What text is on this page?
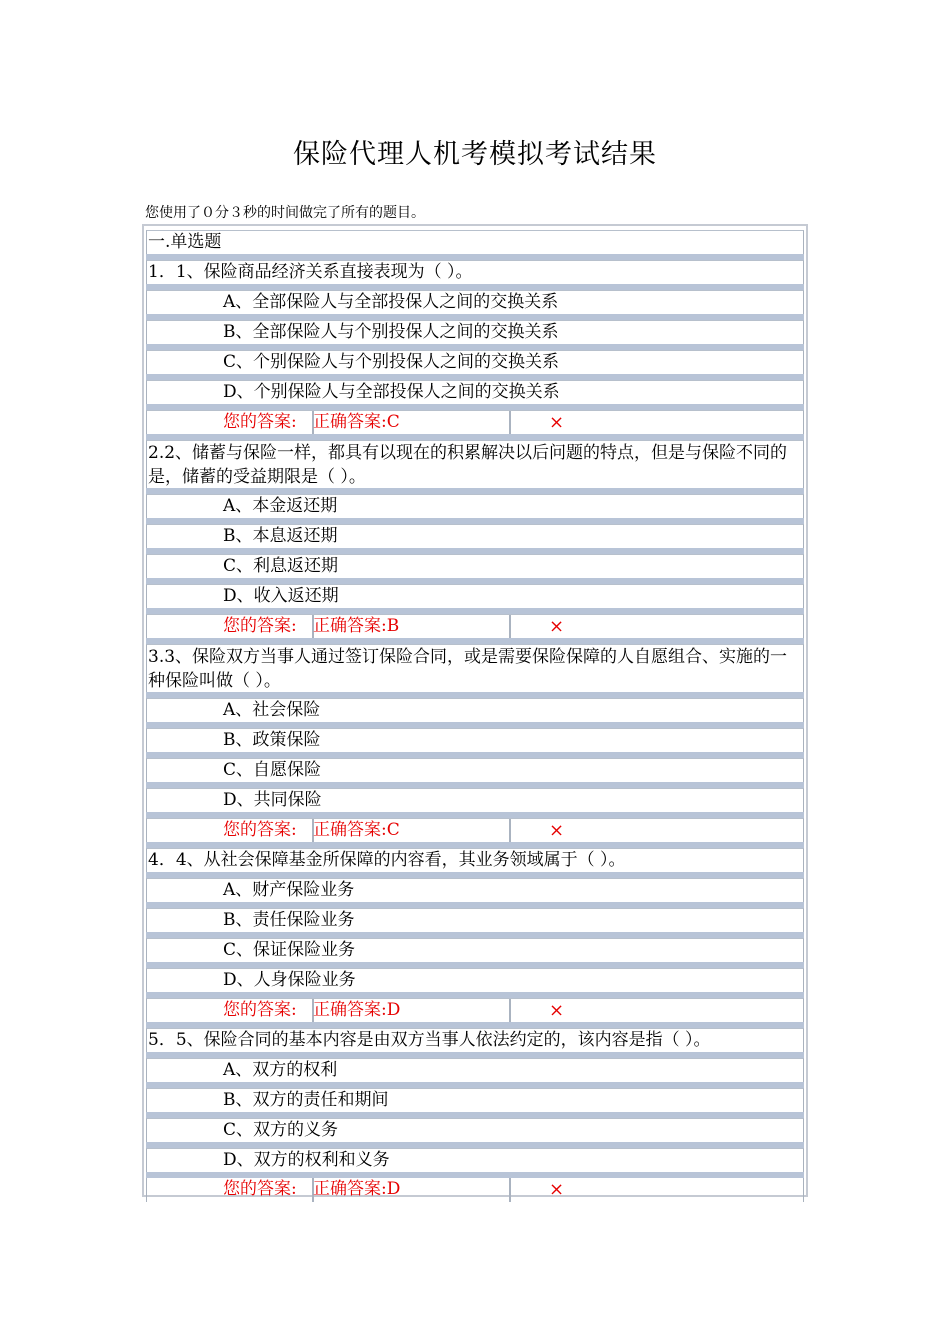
保险代理人机考模拟考试结果
您使用了０分３秒的时间做完了所有的题目。
一.单选题
1．1、保险商品经济关系直接表现为（ ）。
A、全部保险人与全部投保人之间的交换关系
B、全部保险人与个别投保人之间的交换关系
C、个别保险人与个别投保人之间的交换关系
D、个别保险人与全部投保人之间的交换关系
您的答案: 正确答案:C	×
2.2、储蓄与保险一样，都具有以现在的积累解决以后问题的特点，但是与保险不同的是，储蓄的受益期限是（ ）。
A、本金返还期
B、本息返还期
C、利息返还期
D、收入返还期
您的答案: 正确答案:B	×
3.3、保险双方当事人通过签订保险合同，或是需要保险保障的人自愿组合、实施的一种保险叫做（ ）。
A、社会保险
B、政策保险
C、自愿保险
D、共同保险
您的答案: 正确答案:C	×
4．4、从社会保障基金所保障的内容看，其业务领域属于（ ）。
A、财产保险业务
B、责任保险业务
C、保证保险业务
D、人身保险业务
您的答案: 正确答案:D	×
5．5、保险合同的基本内容是由双方当事人依法约定的，该内容是指（ ）。
A、双方的权利
B、双方的责任和期间
C、双方的义务
D、双方的权利和义务
您的答案: 正确答案:D	×
